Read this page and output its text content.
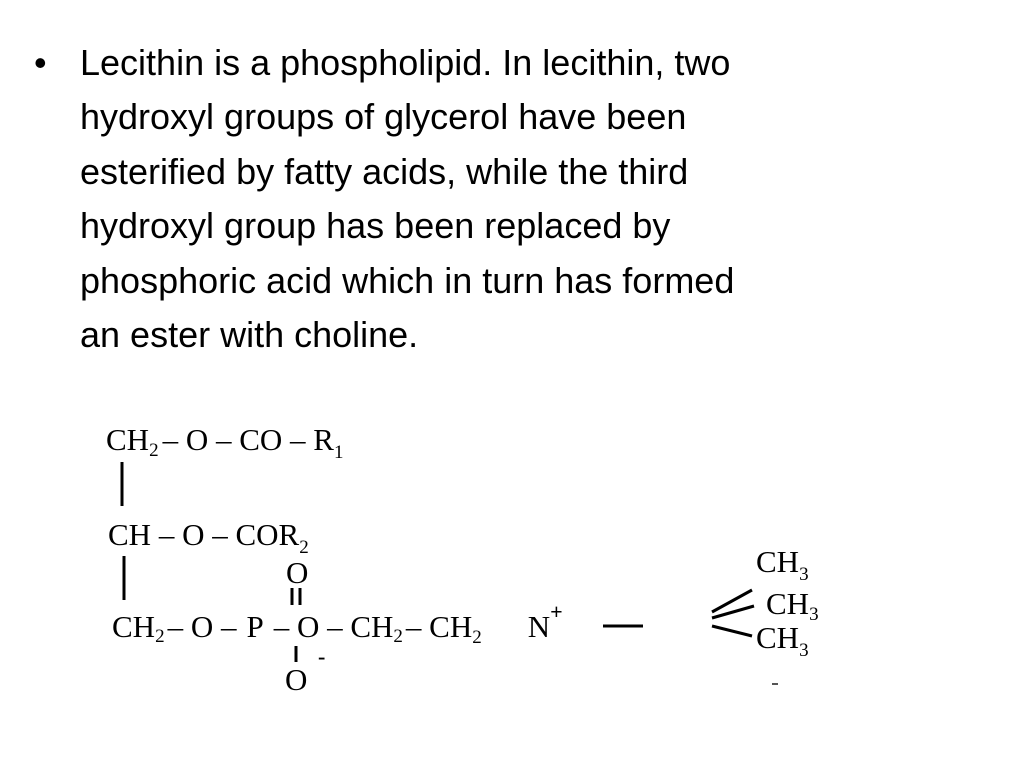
• Lecithin is a phospholipid. In lecithin, two
hydroxyl groups of glycerol have been
esterified by fatty acids, while the third
hydroxyl group has been replaced by
phosphoric acid which in turn has formed
an ester with choline.
CH2 – O – CO – $R_1$
CH – O – $COR_2$
O
CH2– O – P – O – CH2– CH2 N+
$CH_3$
CH3
$CH_3$
O
-
